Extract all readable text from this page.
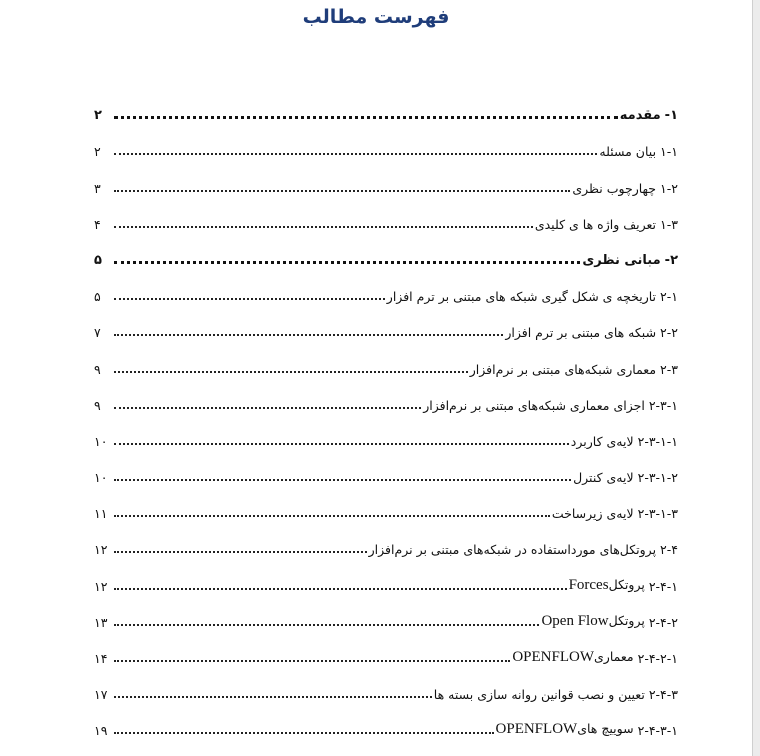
فهرست مطالب
۱-
مقدمه
۲
۱-۱
بیان مسئله
۲
۱-۲
چهارچوب نظری
۳
۱-۳
تعریف واژه ها ی کلیدی
۴
۲-
مبانی نظری
۵
۲-۱
تاریخچه ی شکل گیری شبکه های مبتنی بر ترم افزار
۵
۲-۲
شبکه های مبتنی بر ترم افزار
۷
۲-۳
معماری شبکه‌های مبتنی بر نرم‌افزار
۹
۲-۳-۱
اجزای معماری شبکه‌های مبتنی بر نرم‌افزار
۹
۲-۳-۱-۱
لایه‌ی کاربرد
۱۰
۲-۳-۱-۲
لایه‌ی کنترل
۱۰
۲-۳-۱-۳
لایه‌ی زیرساخت
۱۱
۲-۴
پروتکل‌های مورداستفاده در شبکه‌های مبتنی بر نرم‌افزار
۱۲
۲-۴-۱
پروتکلForces
۱۲
۲-۴-۲
پروتکلOpen Flow
۱۳
۲-۴-۲-۱
معماریOPENFLOW
۱۴
۲-۴-۳
تعیین و نصب قوانین روانه سازی بسته ها
۱۷
۲-۴-۳-۱
سوییچ هایOPENFLOW
۱۹
